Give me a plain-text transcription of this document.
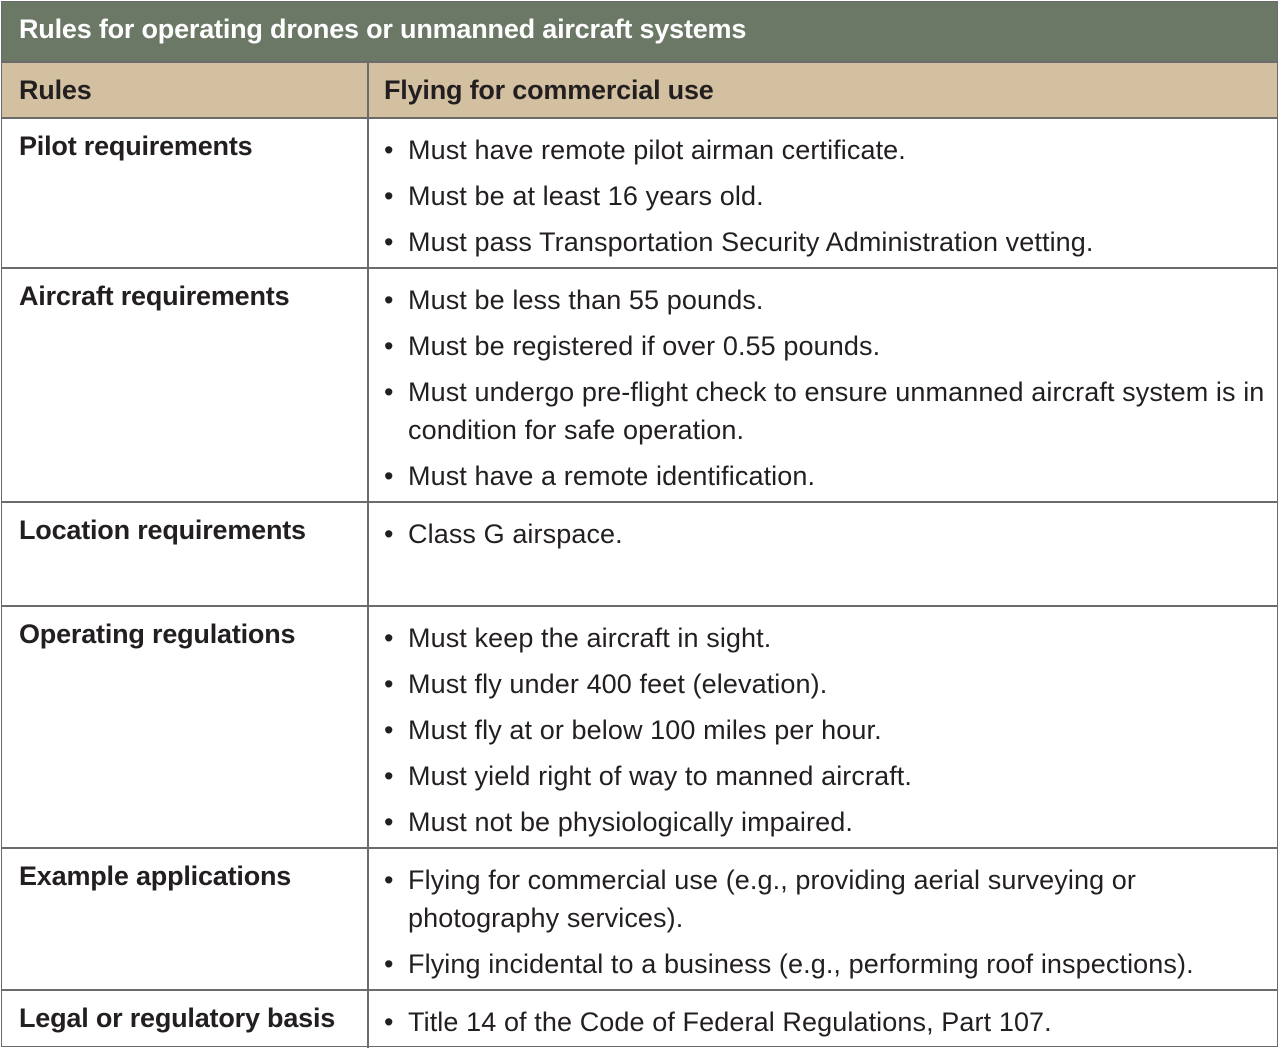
Rules for operating drones or unmanned aircraft systems
Rules	Flying for commercial use
Pilot requirements	• Must have remote pilot airman certificate.
• Must be at least 16 years old.
• Must pass Transportation Security Administration vetting.
Aircraft requirements	• Must be less than 55 pounds.
• Must be registered if over 0.55 pounds.
• Must undergo pre-flight check to ensure unmanned aircraft system is in condition for safe operation.
• Must have a remote identification.
Location requirements	• Class G airspace.
Operating regulations	• Must keep the aircraft in sight.
• Must fly under 400 feet (elevation).
• Must fly at or below 100 miles per hour.
• Must yield right of way to manned aircraft.
• Must not be physiologically impaired.
Example applications	• Flying for commercial use (e.g., providing aerial surveying or photography services).
• Flying incidental to a business (e.g., performing roof inspections).
Legal or regulatory basis	• Title 14 of the Code of Federal Regulations, Part 107.
